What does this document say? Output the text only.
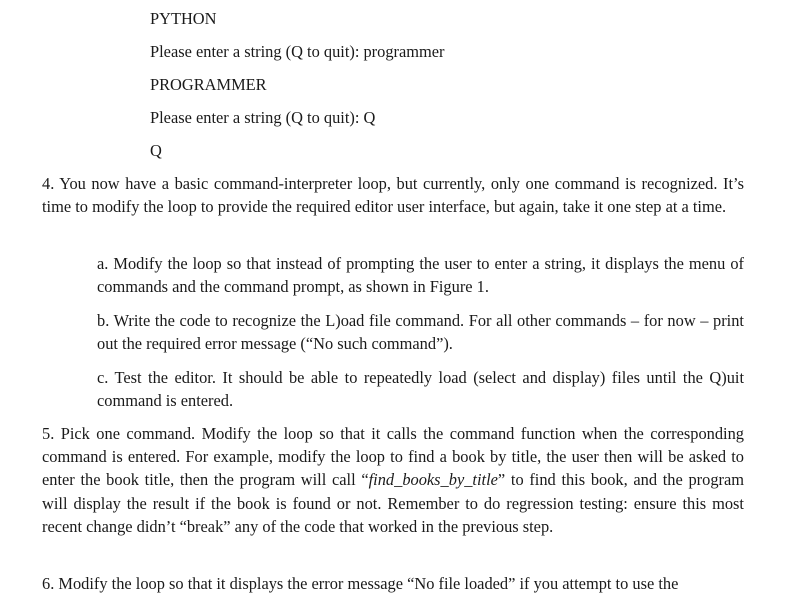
PYTHON
Please enter a string (Q to quit): programmer
PROGRAMMER
Please enter a string (Q to quit): Q
Q
4. You now have a basic command-interpreter loop, but currently, only one command is recognized. It’s time to modify the loop to provide the required editor user interface, but again, take it one step at a time.
a. Modify the loop so that instead of prompting the user to enter a string, it displays the menu of commands and the command prompt, as shown in Figure 1.
b. Write the code to recognize the L)oad file command. For all other commands – for now – print out the required error message (“No such command”).
c. Test the editor. It should be able to repeatedly load (select and display) files until the Q)uit command is entered.
5. Pick one command. Modify the loop so that it calls the command function when the corresponding command is entered. For example, modify the loop to find a book by title, the user then will be asked to enter the book title, then the program will call “find_books_by_title” to find this book, and the program will display the result if the book is found or not. Remember to do regression testing: ensure this most recent change didn’t “break” any of the code that worked in the previous step.
6. Modify the loop so that it displays the error message “No file loaded” if you attempt to use the
